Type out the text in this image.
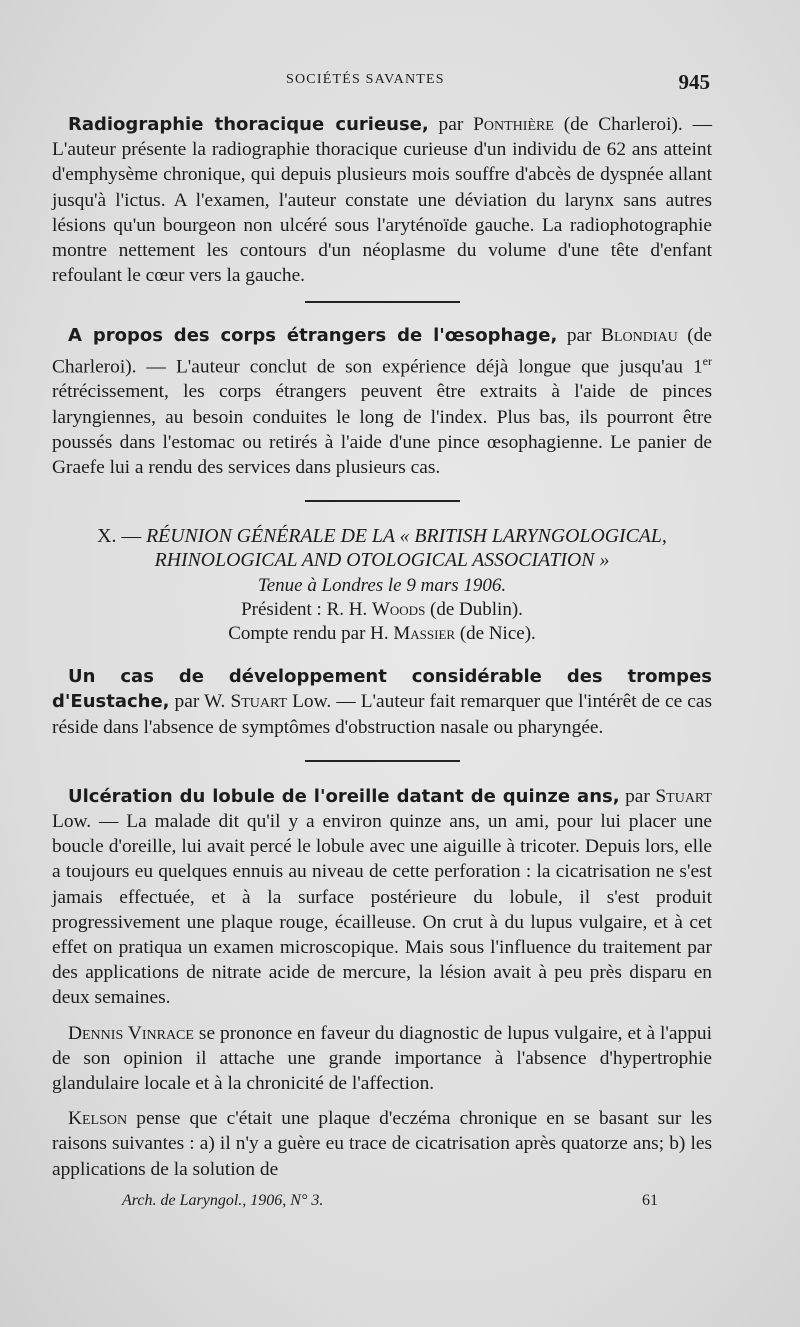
SOCIÉTÉS SAVANTES	945

Radiographie thoracique curieuse, par Ponthière (de Charleroi). — L'auteur présente la radiographie thoracique curieuse d'un individu de 62 ans atteint d'emphysème chronique, qui depuis plusieurs mois souffre d'abcès de dyspnée allant jusqu'à l'ictus. A l'examen, l'auteur constate une déviation du larynx sans autres lésions qu'un bourgeon non ulcéré sous l'aryténoïde gauche. La radiophotographie montre nettement les contours d'un néoplasme du volume d'une tête d'enfant refoulant le cœur vers la gauche.

A propos des corps étrangers de l'œsophage, par Blondiau (de Charleroi). — L'auteur conclut de son expérience déjà longue que jusqu'au 1er rétrécissement, les corps étrangers peuvent être extraits à l'aide de pinces laryngiennes, au besoin conduites le long de l'index. Plus bas, ils pourront être poussés dans l'estomac ou retirés à l'aide d'une pince œsophagienne. Le panier de Graefe lui a rendu des services dans plusieurs cas.

X. — RÉUNION GÉNÉRALE DE LA « BRITISH LARYNGOLOGICAL, RHINOLOGICAL AND OTOLOGICAL ASSOCIATION »
Tenue à Londres le 9 mars 1906.
Président : R. H. Woods (de Dublin).
Compte rendu par H. Massier (de Nice).

Un cas de développement considérable des trompes d'Eustache, par W. Stuart Low. — L'auteur fait remarquer que l'intérêt de ce cas réside dans l'absence de symptômes d'obstruction nasale ou pharyngée.

Ulcération du lobule de l'oreille datant de quinze ans, par Stuart Low. — La malade dit qu'il y a environ quinze ans, un ami, pour lui placer une boucle d'oreille, lui avait percé le lobule avec une aiguille à tricoter. Depuis lors, elle a toujours eu quelques ennuis au niveau de cette perforation : la cicatrisation ne s'est jamais effectuée, et à la surface postérieure du lobule, il s'est produit progressivement une plaque rouge, écailleuse. On crut à du lupus vulgaire, et à cet effet on pratiqua un examen microscopique. Mais sous l'influence du traitement par des applications de nitrate acide de mercure, la lésion avait à peu près disparu en deux semaines.

Dennis Vinrace se prononce en faveur du diagnostic de lupus vulgaire, et à l'appui de son opinion il attache une grande importance à l'absence d'hypertrophie glandulaire locale et à la chronicité de l'affection.

Kelson pense que c'était une plaque d'eczéma chronique en se basant sur les raisons suivantes : a) il n'y a guère eu trace de cicatrisation après quatorze ans; b) les applications de la solution de

Arch. de Laryngol., 1906, N° 3.	61
